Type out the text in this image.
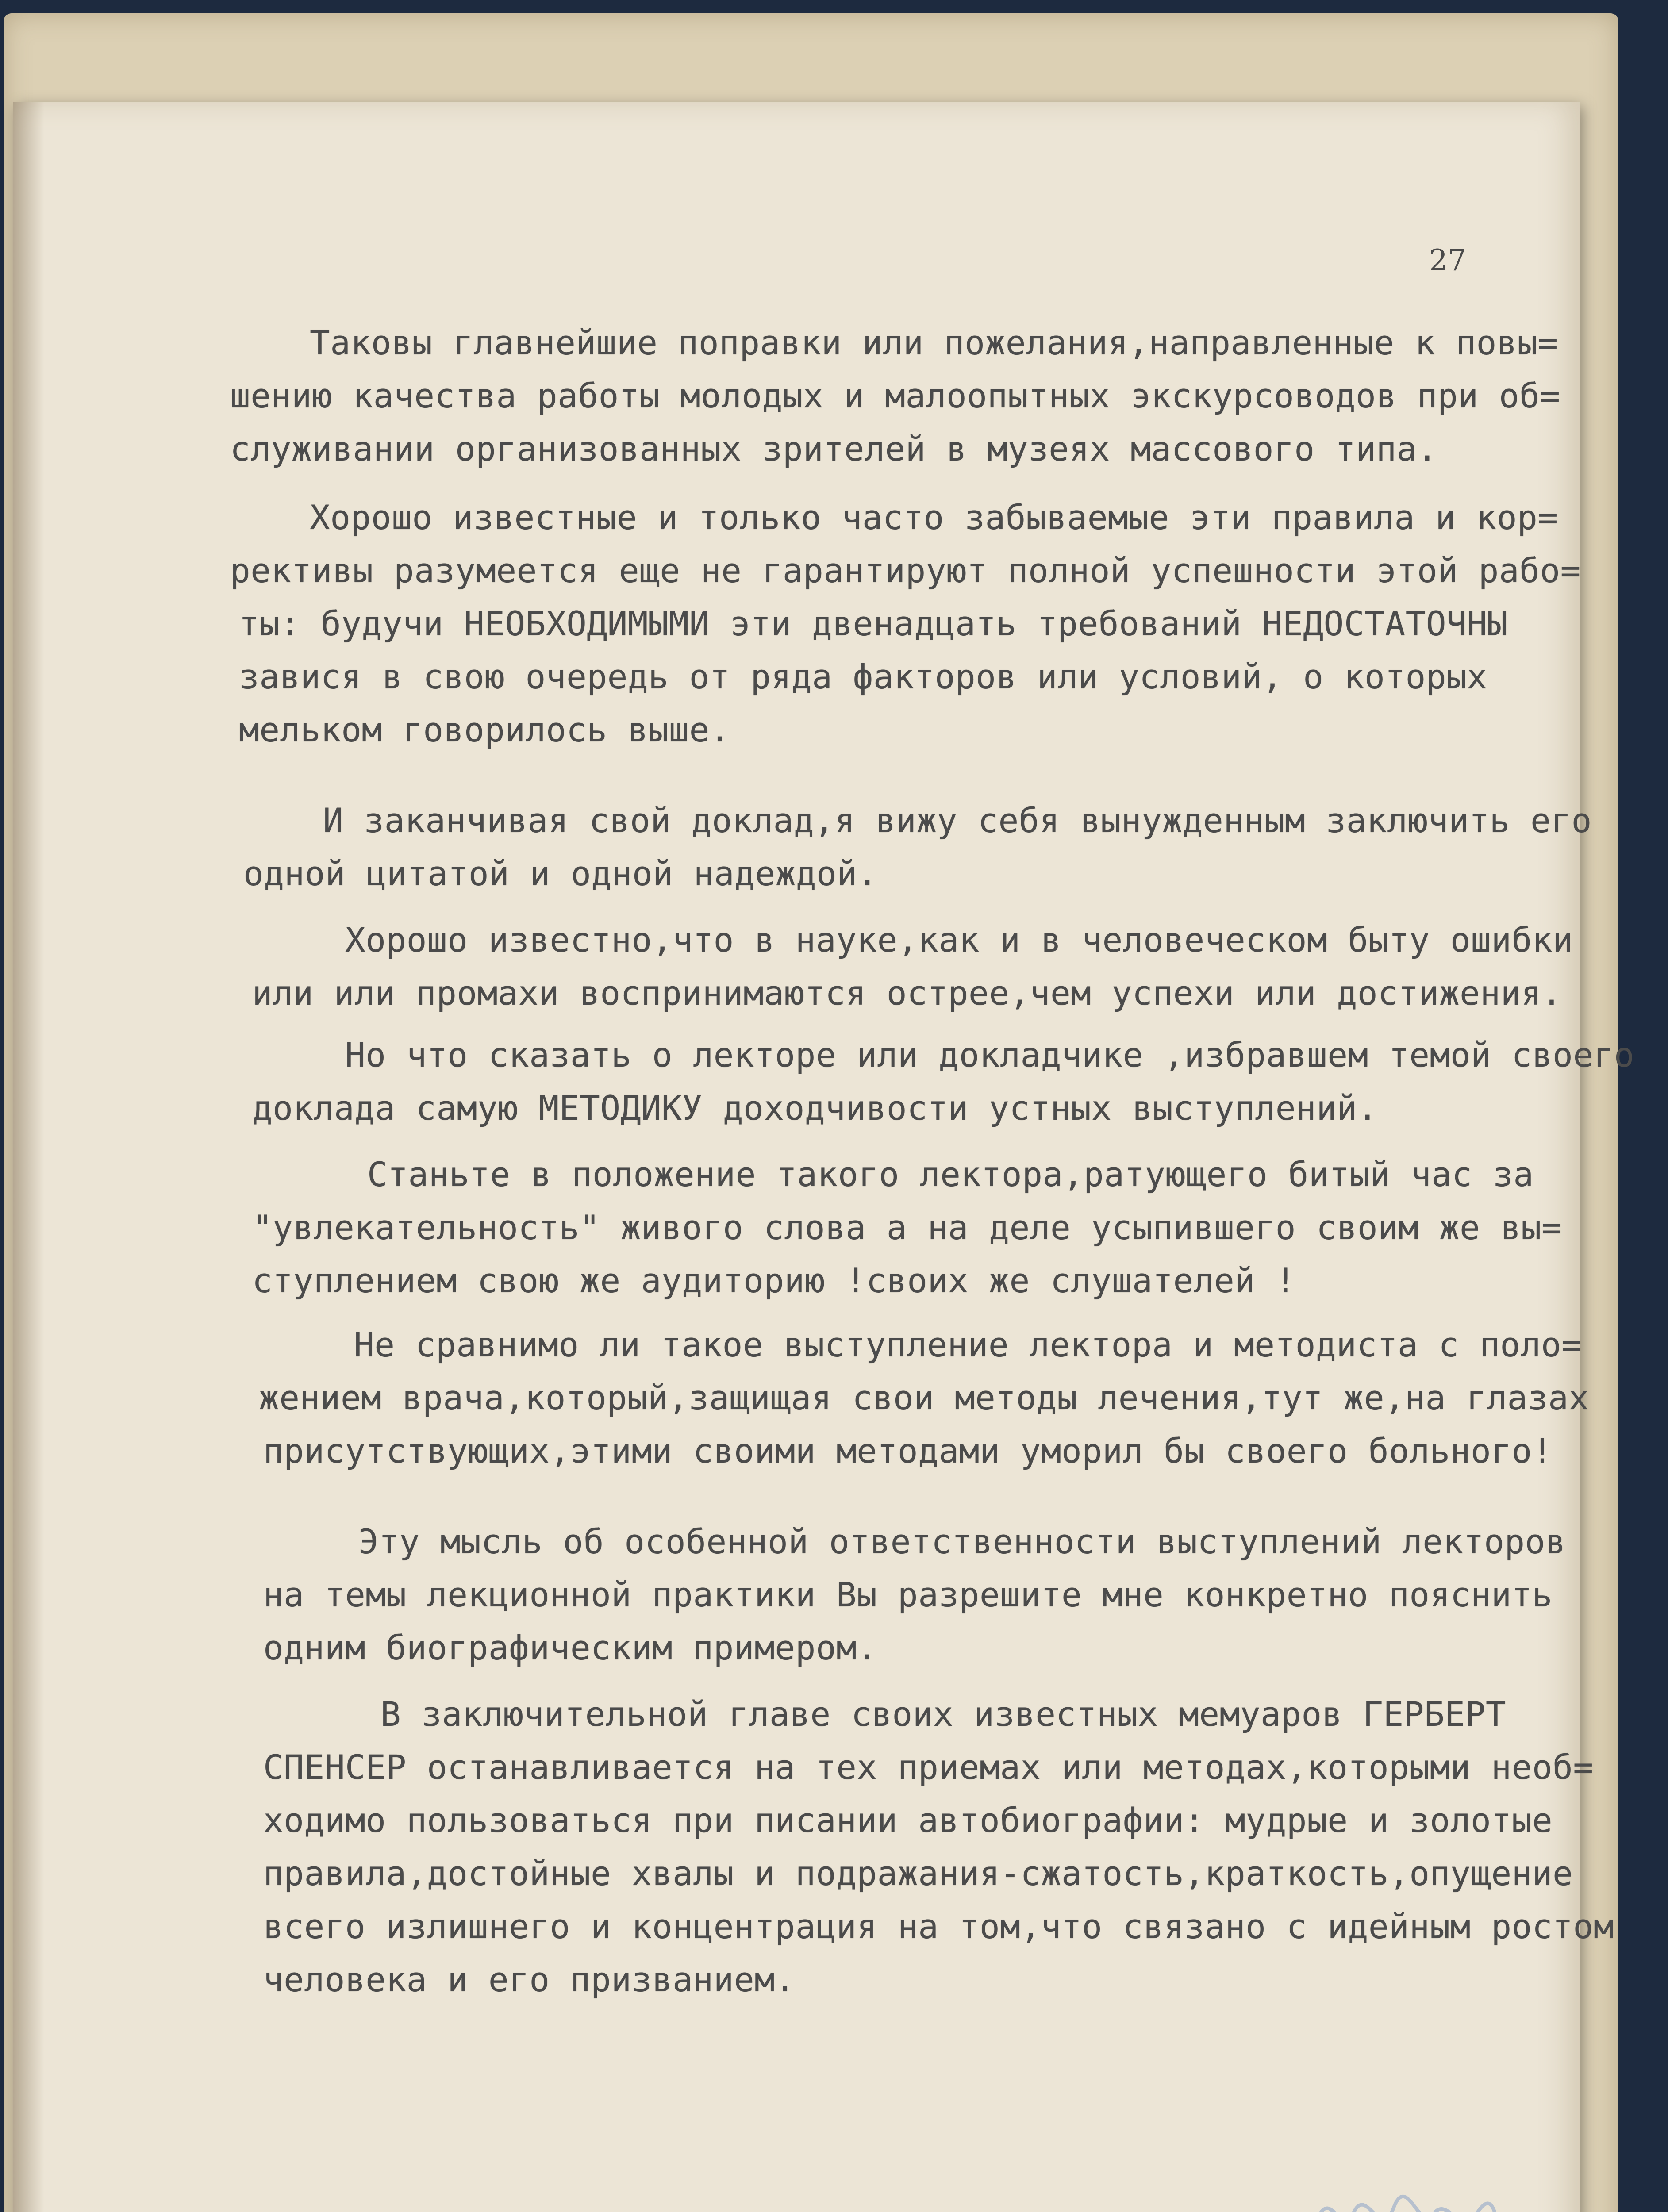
27
Таковы главнейшие поправки или пожелания,направленные к повы=
шению качества работы молодых и малоопытных экскурсоводов при об=
служивании организованных зрителей в музеях массового типа.
Хорошо известные и только часто забываемые эти правила и кор=
рективы разумеется еще не гарантируют полной успешности этой рабо=
ты: будучи НЕОБХОДИМЫМИ эти двенадцать требований НЕДОСТАТОЧНЫ
завися в свою очередь от ряда факторов или условий, о которых
мельком говорилось выше.
И заканчивая свой доклад,я вижу себя вынужденным заключить его
одной цитатой и одной надеждой.
Хорошо известно,что в науке,как и в человеческом быту ошибки
или или промахи воспринимаются острее,чем успехи или достижения.
Но что сказать о лекторе или докладчике ,избравшем темой своего
доклада самую МЕТОДИКУ доходчивости устных выступлений.
Станьте в положение такого лектора,ратующего битый час за
"увлекательность" живого слова а на деле усыпившего своим же вы=
ступлением свою же аудиторию !своих же слушателей !
Не сравнимо ли такое выступление лектора и методиста с поло=
жением врача,который,защищая свои методы лечения,тут же,на глазах
присутствующих,этими своими методами уморил бы своего больного!
Эту мысль об особенной ответственности выступлений лекторов
на темы лекционной практики Вы разрешите мне конкретно пояснить
одним биографическим примером.
В заключительной главе своих известных мемуаров ГЕРБЕРТ
СПЕНСЕР останавливается на тех приемах или методах,которыми необ=
ходимо пользоваться при писании автобиографии: мудрые и золотые
правила,достойные хвалы и подражания-сжатость,краткость,опущение
всего излишнего и концентрация на том,что связано с идейным ростом
человека и его призванием.
